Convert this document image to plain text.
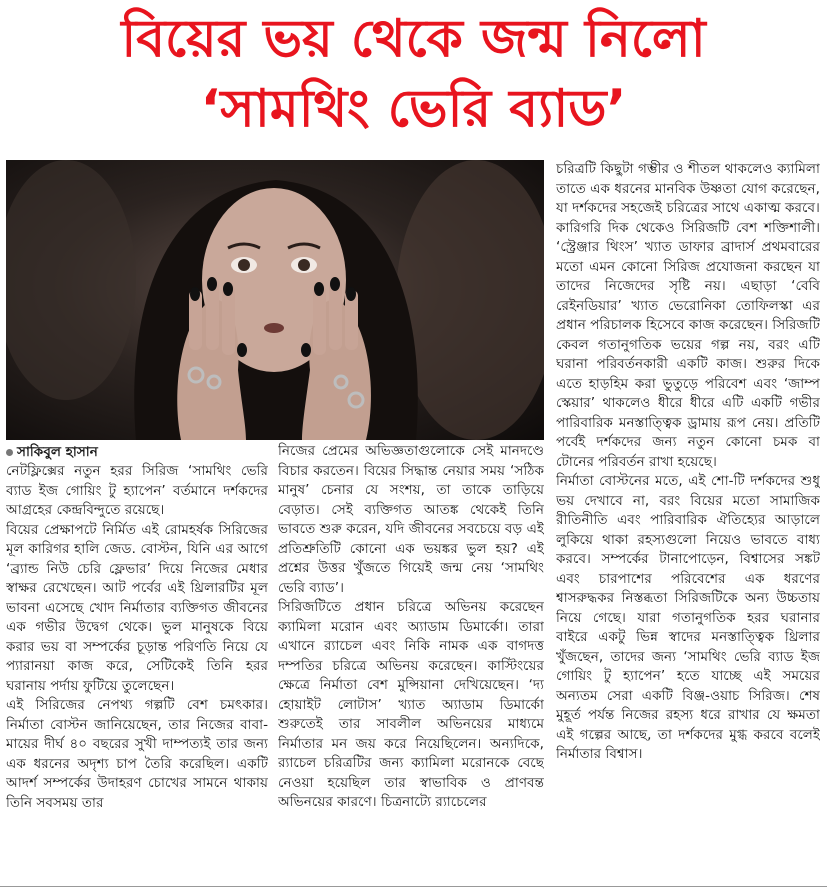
বিয়ের ভয় থেকে জন্ম নিলো
‘সামথিং ভেরি ব্যাড’
সাকিবুল হাসান

নেটফ্লিক্সের নতুন হরর সিরিজ ‘সামথিং ভেরি ব্যাড ইজ গোয়িং টু হ্যাপেন’ বর্তমানে দর্শকদের আগ্রহের কেন্দ্রবিন্দুতে রয়েছে।

বিয়ের প্রেক্ষাপটে নির্মিত এই রোমহর্ষক সিরিজের মূল কারিগর হালি জেড. বোস্টন, যিনি এর আগে ‘ব্র্যান্ড নিউ চেরি ফ্লেভার’ দিয়ে নিজের মেধার স্বাক্ষর রেখেছেন। আট পর্বের এই থ্রিলারটির মূল ভাবনা এসেছে খোদ নির্মাতার ব্যক্তিগত জীবনের এক গভীর উদ্বেগ থেকে। ভুল মানুষকে বিয়ে করার ভয় বা সম্পর্কের চূড়ান্ত পরিণতি নিয়ে যে প্যারানয়া কাজ করে, সেটিকেই তিনি হরর ঘরানায় পর্দায় ফুটিয়ে তুলেছেন।

এই সিরিজের নেপথ্য গল্পটি বেশ চমৎকার। নির্মাতা বোস্টন জানিয়েছেন, তার নিজের বাবা-মায়ের দীর্ঘ ৪০ বছরের সুখী দাম্পত্যই তার জন্য এক ধরনের অদৃশ্য চাপ তৈরি করেছিল। একটি আদর্শ সম্পর্কের উদাহরণ চোখের সামনে থাকায় তিনি সবসময় তার

নিজের প্রেমের অভিজ্ঞতাগুলোকে সেই মানদণ্ডে বিচার করতেন। বিয়ের সিদ্ধান্ত নেয়ার সময় ‘সঠিক মানুষ’ চেনার যে সংশয়, তা তাকে তাড়িয়ে বেড়াত। সেই ব্যক্তিগত আতঙ্ক থেকেই তিনি ভাবতে শুরু করেন, যদি জীবনের সবচেয়ে বড় এই প্রতিশ্রুতিটি কোনো এক ভয়ঙ্কর ভুল হয়? এই প্রশ্নের উত্তর খুঁজতে গিয়েই জন্ম নেয় ‘সামথিং ভেরি ব্যাড’।

সিরিজটিতে প্রধান চরিত্রে অভিনয় করেছেন ক্যামিলা মরোন এবং অ্যাডাম ডিমার্কো। তারা এখানে র‍্যাচেল এবং নিকি নামক এক বাগদত্ত দম্পতির চরিত্রে অভিনয় করেছেন। কাস্টিংয়ের ক্ষেত্রে নির্মাতা বেশ মুন্সিয়ানা দেখিয়েছেন। ‘দ্য হোয়াইট লোটাস’ খ্যাত অ্যাডাম ডিমার্কো শুরুতেই তার সাবলীল অভিনয়ের মাধ্যমে নির্মাতার মন জয় করে নিয়েছিলেন। অন্যদিকে, র‍্যাচেল চরিত্রটির জন্য ক্যামিলা মরোনকে বেছে নেওয়া হয়েছিল তার স্বাভাবিক ও প্রাণবন্ত অভিনয়ের কারণে। চিত্রনাট্যে র‍্যাচেলের

চরিত্রটি কিছুটা গম্ভীর ও শীতল থাকলেও ক্যামিলা তাতে এক ধরনের মানবিক উষ্ণতা যোগ করেছেন, যা দর্শকদের সহজেই চরিত্রের সাথে একাত্ম করবে।

কারিগরি দিক থেকেও সিরিজটি বেশ শক্তিশালী। ‘স্ট্রেঞ্জার থিংস’ খ্যাত ডাফার ব্রাদার্স প্রথমবারের মতো এমন কোনো সিরিজ প্রযোজনা করছেন যা তাদের নিজেদের সৃষ্টি নয়। এছাড়া ‘বেবি রেইনডিয়ার’ খ্যাত ভেরোনিকা তোফিলস্কা এর প্রধান পরিচালক হিসেবে কাজ করেছেন। সিরিজটি কেবল গতানুগতিক ভয়ের গল্প নয়, বরং এটি ঘরানা পরিবর্তনকারী একটি কাজ। শুরুর দিকে এতে হাড়হিম করা ভুতুড়ে পরিবেশ এবং ‘জাম্প স্কেয়ার’ থাকলেও ধীরে ধীরে এটি একটি গভীর পারিবারিক মনস্তাত্ত্বিক ড্রামায় রূপ নেয়। প্রতিটি পর্বেই দর্শকদের জন্য নতুন কোনো চমক বা টোনের পরিবর্তন রাখা হয়েছে।

নির্মাতা বোস্টনের মতে, এই শো-টি দর্শকদের শুধু ভয় দেখাবে না, বরং বিয়ের মতো সামাজিক রীতিনীতি এবং পারিবারিক ঐতিহ্যের আড়ালে লুকিয়ে থাকা রহস্যগুলো নিয়েও ভাবতে বাধ্য করবে। সম্পর্কের টানাপোড়েন, বিশ্বাসের সঙ্কট এবং চারপাশের পরিবেশের এক ধরণের শ্বাসরুদ্ধকর নিস্তব্ধতা সিরিজটিকে অন্য উচ্চতায় নিয়ে গেছে। যারা গতানুগতিক হরর ঘরানার বাইরে একটু ভিন্ন স্বাদের মনস্তাত্ত্বিক থ্রিলার খুঁজছেন, তাদের জন্য ‘সামথিং ভেরি ব্যাড ইজ গোয়িং টু হ্যাপেন’ হতে যাচ্ছে এই সময়ের অন্যতম সেরা একটি বিঞ্জ-ওয়াচ সিরিজ। শেষ মুহূর্ত পর্যন্ত নিজের রহস্য ধরে রাখার যে ক্ষমতা এই গল্পের আছে, তা দর্শকদের মুগ্ধ করবে বলেই নির্মাতার বিশ্বাস।
